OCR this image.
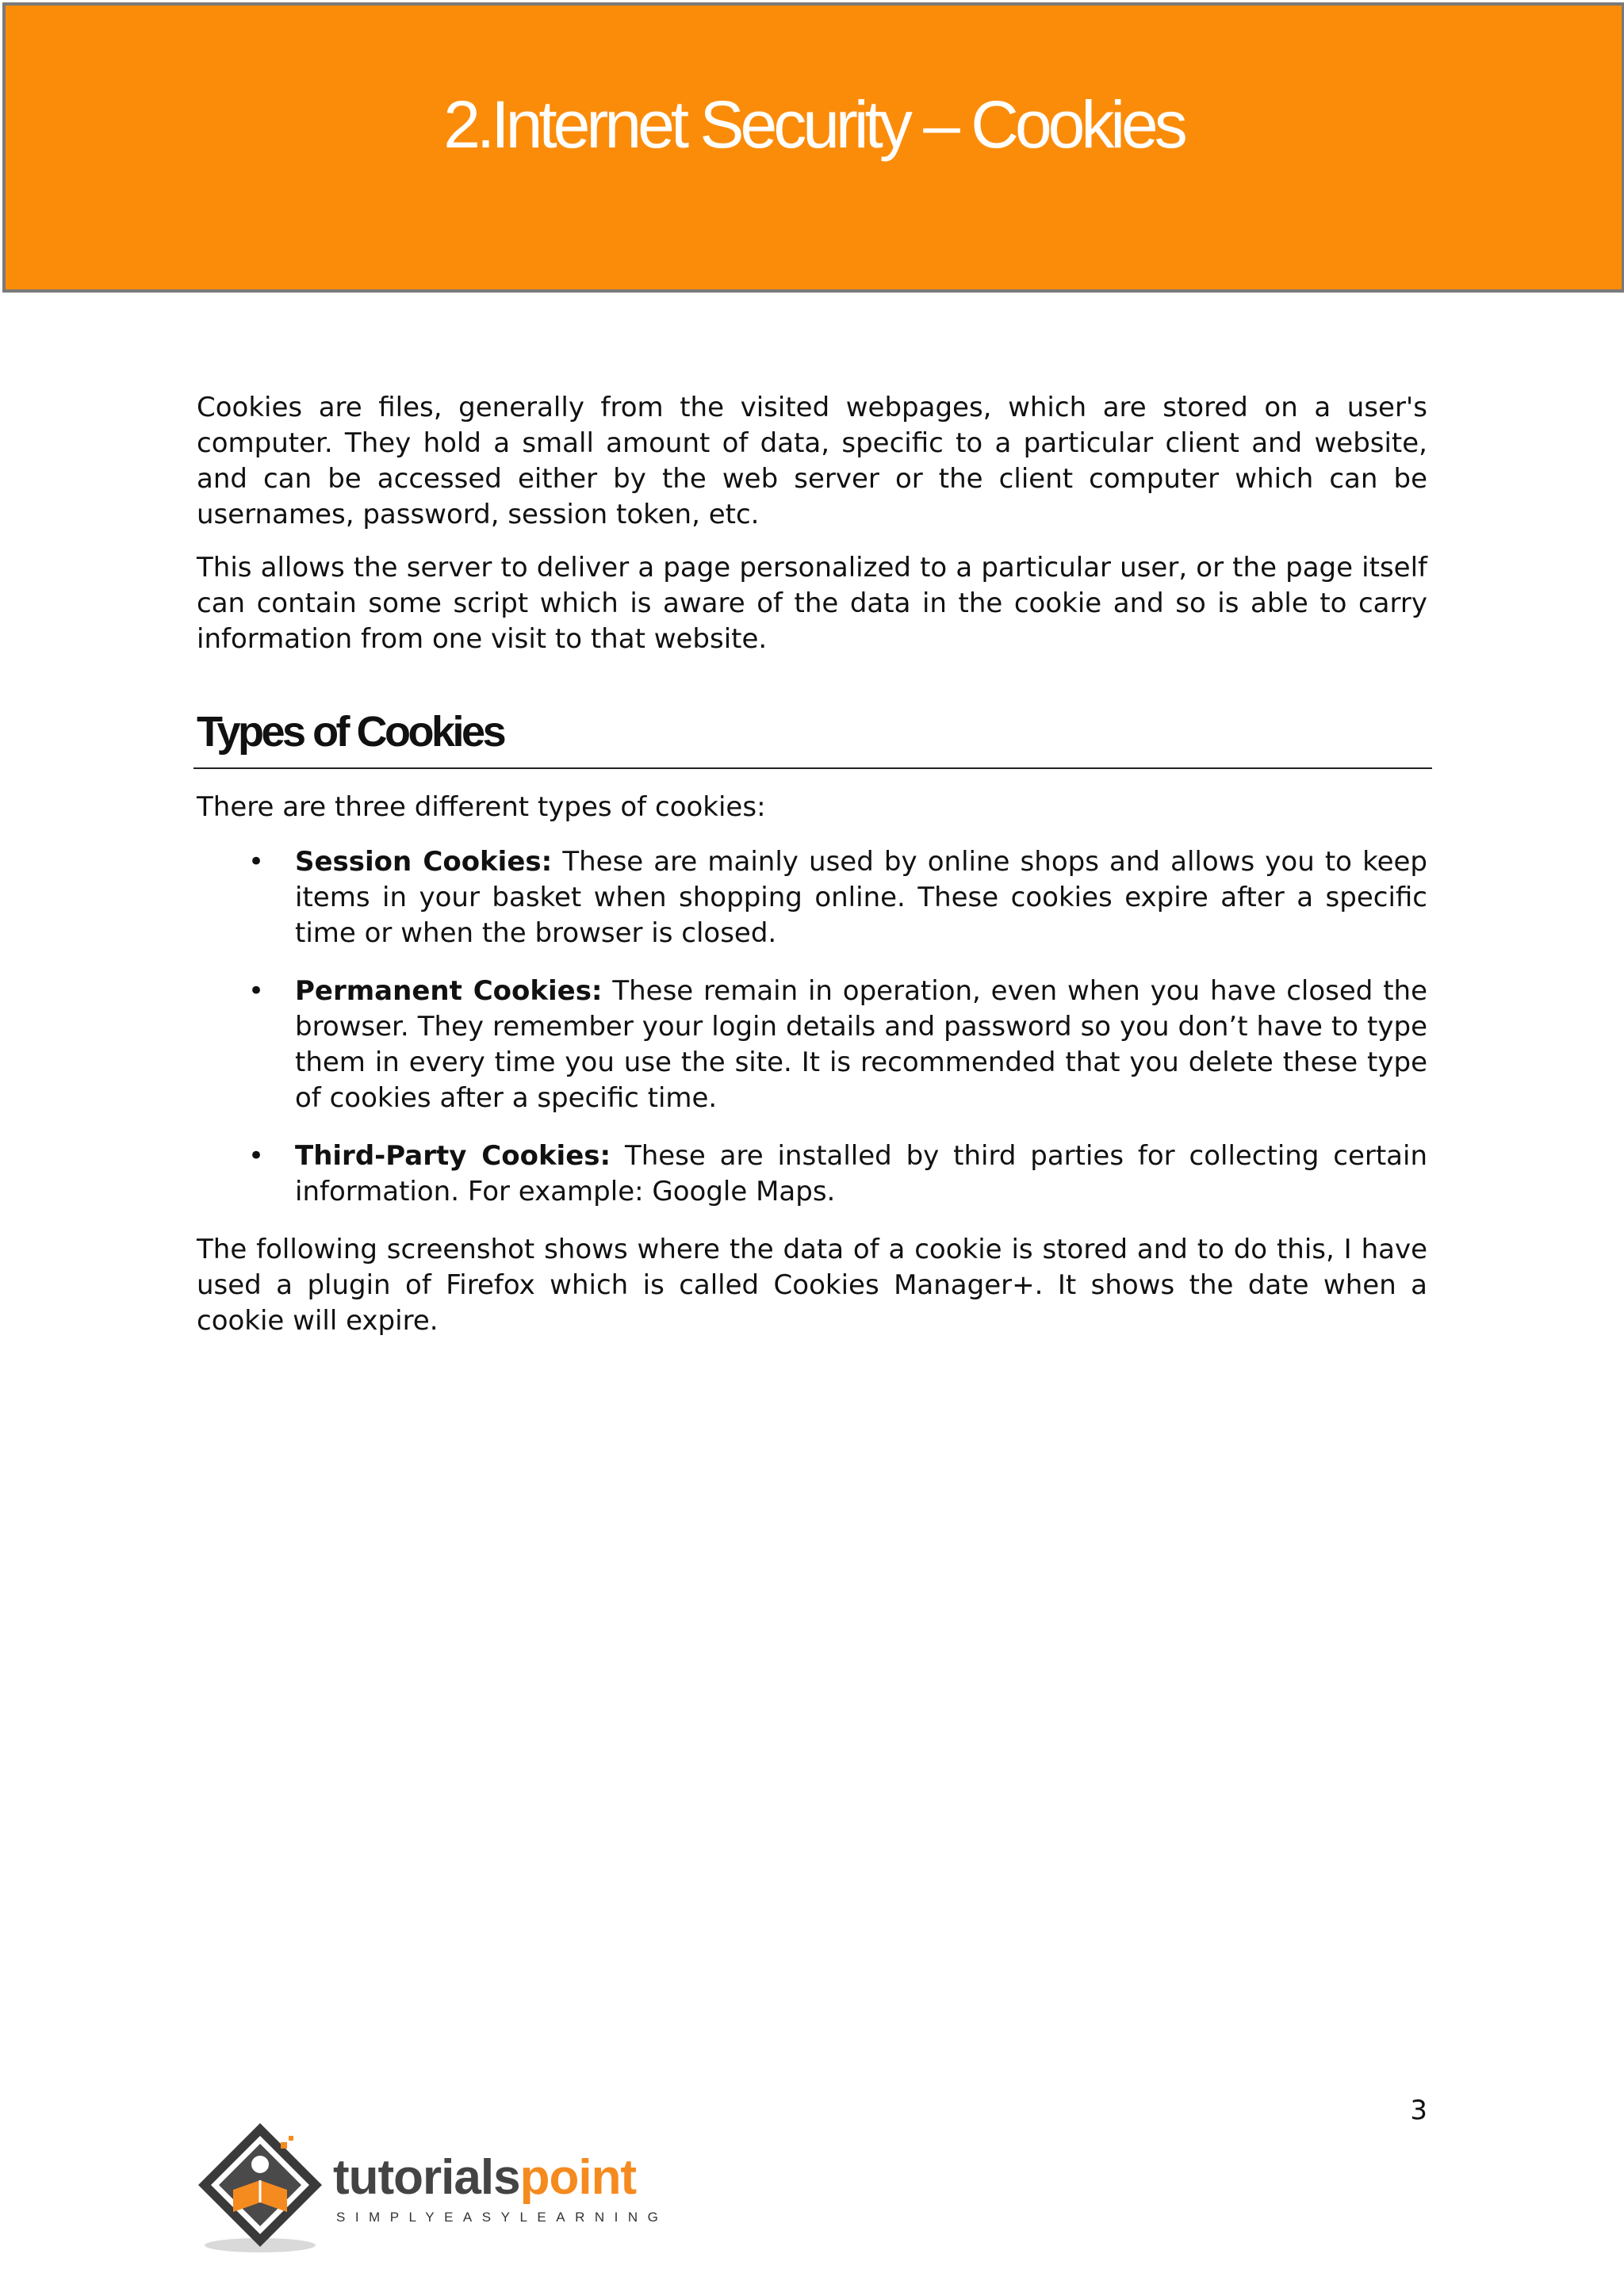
2.Internet Security – Cookies

Cookies are files, generally from the visited webpages, which are stored on a user's computer. They hold a small amount of data, specific to a particular client and website, and can be accessed either by the web server or the client computer which can be usernames, password, session token, etc.

This allows the server to deliver a page personalized to a particular user, or the page itself can contain some script which is aware of the data in the cookie and so is able to carry information from one visit to that website.

Types of Cookies

There are three different types of cookies:

• Session Cookies: These are mainly used by online shops and allows you to keep items in your basket when shopping online. These cookies expire after a specific time or when the browser is closed.
• Permanent Cookies: These remain in operation, even when you have closed the browser. They remember your login details and password so you don’t have to type them in every time you use the site. It is recommended that you delete these type of cookies after a specific time.
• Third-Party Cookies: These are installed by third parties for collecting certain information. For example: Google Maps.

The following screenshot shows where the data of a cookie is stored and to do this, I have used a plugin of Firefox which is called Cookies Manager+. It shows the date when a cookie will expire.

3
tutorialspoint
SIMPLYEASYLEARNING
